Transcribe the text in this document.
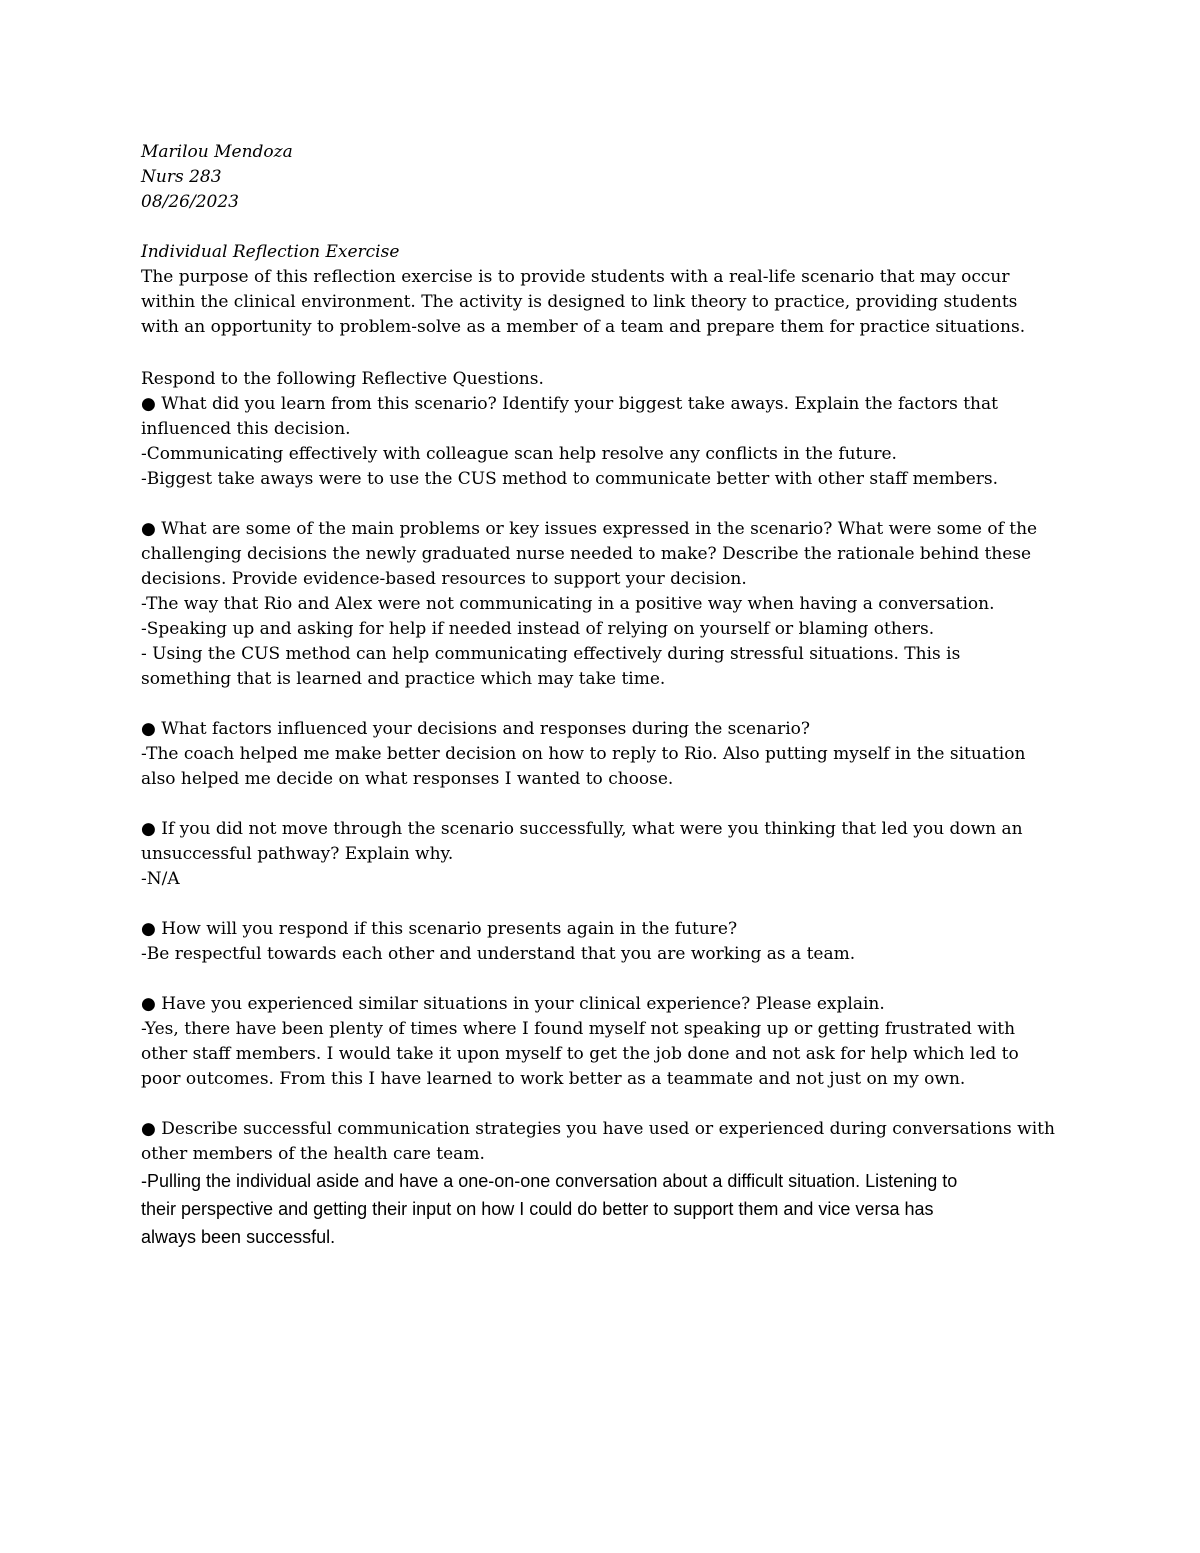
Marilou Mendoza
Nurs 283
08/26/2023
Individual Reflection Exercise
The purpose of this reflection exercise is to provide students with a real-life scenario that may occur
within the clinical environment. The activity is designed to link theory to practice, providing students
with an opportunity to problem-solve as a member of a team and prepare them for practice situations.
Respond to the following Reflective Questions.
● What did you learn from this scenario? Identify your biggest take aways. Explain the factors that
influenced this decision.
-Communicating effectively with colleague scan help resolve any conflicts in the future.
-Biggest take aways were to use the CUS method to communicate better with other staff members.
● What are some of the main problems or key issues expressed in the scenario? What were some of the
challenging decisions the newly graduated nurse needed to make? Describe the rationale behind these
decisions. Provide evidence-based resources to support your decision.
-The way that Rio and Alex were not communicating in a positive way when having a conversation.
-Speaking up and asking for help if needed instead of relying on yourself or blaming others.
- Using the CUS method can help communicating effectively during stressful situations. This is
something that is learned and practice which may take time.
● What factors influenced your decisions and responses during the scenario?
-The coach helped me make better decision on how to reply to Rio. Also putting myself in the situation
also helped me decide on what responses I wanted to choose.
● If you did not move through the scenario successfully, what were you thinking that led you down an
unsuccessful pathway? Explain why.
-N/A
● How will you respond if this scenario presents again in the future?
-Be respectful towards each other and understand that you are working as a team.
● Have you experienced similar situations in your clinical experience? Please explain.
-Yes, there have been plenty of times where I found myself not speaking up or getting frustrated with
other staff members. I would take it upon myself to get the job done and not ask for help which led to
poor outcomes. From this I have learned to work better as a teammate and not just on my own.
● Describe successful communication strategies you have used or experienced during conversations with
other members of the health care team.
-Pulling the individual aside and have a one-on-one conversation about a difficult situation. Listening to
their perspective and getting their input on how I could do better to support them and vice versa has
always been successful.
